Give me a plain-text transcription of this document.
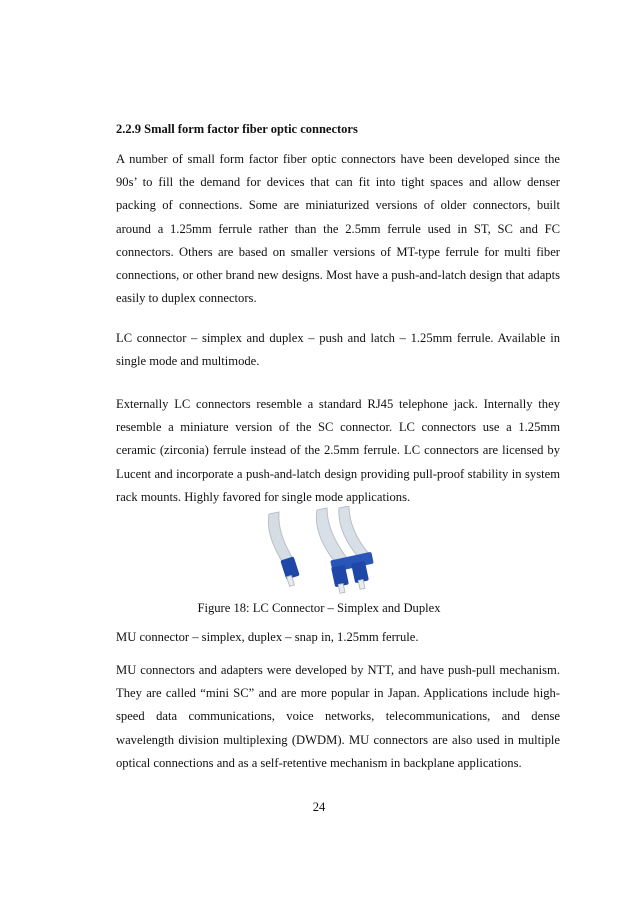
2.2.9 Small form factor fiber optic connectors

A number of small form factor fiber optic connectors have been developed since the 90s’ to fill the demand for devices that can fit into tight spaces and allow denser packing of connections. Some are miniaturized versions of older connectors, built around a 1.25mm ferrule rather than the 2.5mm ferrule used in ST, SC and FC connectors. Others are based on smaller versions of MT-type ferrule for multi fiber connections, or other brand new designs. Most have a push-and-latch design that adapts easily to duplex connectors.

LC connector – simplex and duplex – push and latch – 1.25mm ferrule. Available in single mode and multimode.

Externally LC connectors resemble a standard RJ45 telephone jack. Internally they resemble a miniature version of the SC connector. LC connectors use a 1.25mm ceramic (zirconia) ferrule instead of the 2.5mm ferrule. LC connectors are licensed by Lucent and incorporate a push-and-latch design providing pull-proof stability in system rack mounts. Highly favored for single mode applications.

Figure 18: LC Connector – Simplex and Duplex

MU connector – simplex, duplex – snap in, 1.25mm ferrule.

MU connectors and adapters were developed by NTT, and have push-pull mechanism. They are called “mini SC” and are more popular in Japan. Applications include high-speed data communications, voice networks, telecommunications, and dense wavelength division multiplexing (DWDM). MU connectors are also used in multiple optical connections and as a self-retentive mechanism in backplane applications.

24
